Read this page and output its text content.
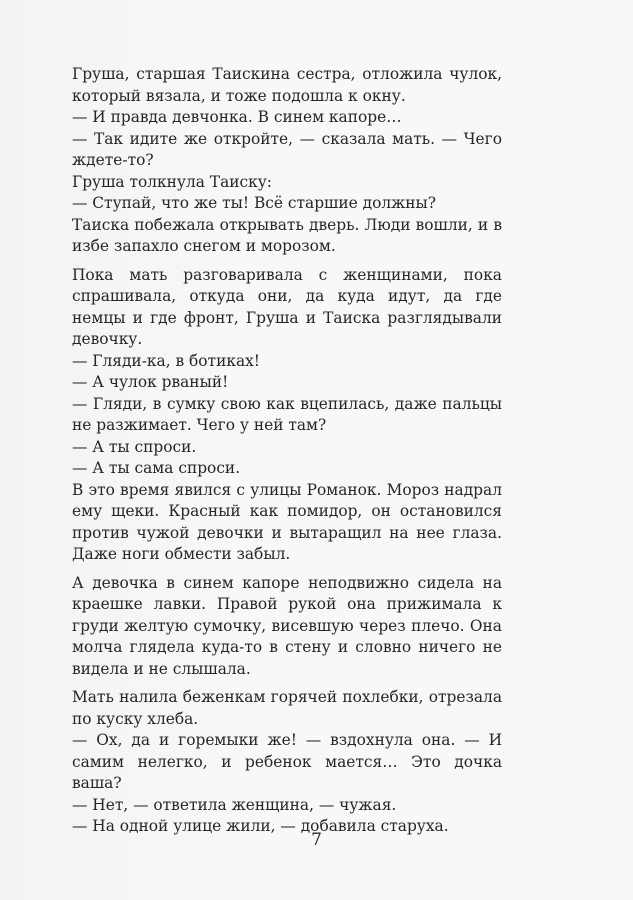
Груша, старшая Таискина сестра, отложила чулок, который вязала, и тоже подошла к окну.

— И правда девчонка. В синем капоре…

— Так идите же откройте, — сказала мать. — Чего ждете-то?

Груша толкнула Таиску:

— Ступай, что же ты! Всё старшие должны?

Таиска побежала открывать дверь. Люди вошли, и в избе запахло снегом и морозом.

Пока мать разговаривала с женщинами, пока спрашивала, откуда они, да куда идут, да где немцы и где фронт, Груша и Таиска разглядывали девочку.

— Гляди-ка, в ботиках!

— А чулок рваный!

— Гляди, в сумку свою как вцепилась, даже пальцы не разжимает. Чего у ней там?

— А ты спроси.

— А ты сама спроси.

В это время явился с улицы Романок. Мороз надрал ему щеки. Красный как помидор, он остановился против чужой девочки и вытаращил на нее глаза. Даже ноги обмести забыл.

А девочка в синем капоре неподвижно сидела на краешке лавки. Правой рукой она прижимала к груди желтую сумочку, висевшую через плечо. Она молча глядела куда-то в стену и словно ничего не видела и не слышала.

Мать налила беженкам горячей похлебки, отрезала по куску хлеба.

— Ох, да и горемыки же! — вздохнула она. — И самим нелегко, и ребенок мается… Это дочка ваша?

— Нет, — ответила женщина, — чужая.

— На одной улице жили, — добавила старуха.

7
